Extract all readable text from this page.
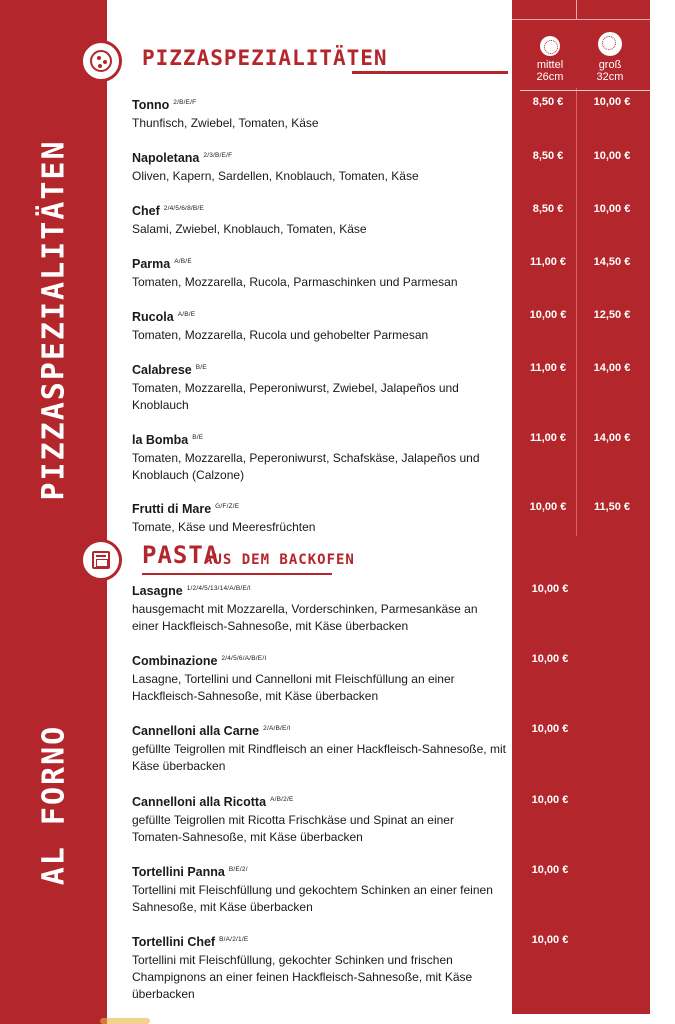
PIZZASPEZIALITÄTEN
AL FORNO
mittel
26cm
groß
32cm
PIZZASPEZIALITÄTEN
Tonno $^{2/B/E/F}$
Thunfisch, Zwiebel, Tomaten, Käse
8,50 €	10,00 €
Napoletana $^{2/3/B/E/F}$
Oliven, Kapern, Sardellen, Knoblauch, Tomaten, Käse
8,50 €	10,00 €
Chef $^{2/4/5/6/8/B/E}$
Salami, Zwiebel, Knoblauch, Tomaten, Käse
8,50 €	10,00 €
Parma $^{A/B/E}$
Tomaten, Mozzarella, Rucola, Parmaschinken und Parmesan
11,00 €	14,50 €
Rucola $^{A/B/E}$
Tomaten, Mozzarella, Rucola und gehobelter Parmesan
10,00 €	12,50 €
Calabrese $^{B/E}$
Tomaten, Mozzarella, Peperoniwurst, Zwiebel, Jalapeños und Knoblauch
11,00 €	14,00 €
la Bomba $^{B/E}$
Tomaten, Mozzarella, Peperoniwurst, Schafskäse, Jalapeños und Knoblauch (Calzone)
11,00 €	14,00 €
Frutti di Mare $^{G/F/Z/E}$
Tomate, Käse und Meeresfrüchten
10,00 €	11,50 €
PASTA
AUS DEM BACKOFEN
Lasagne $^{1/2/4/5/13/14/A/B/E/I}$
hausgemacht mit Mozzarella, Vorderschinken, Parmesankäse an einer Hackfleisch-Sahnesoße, mit Käse überbacken
10,00 €
Combinazione $^{2/4/5/6/A/B/E/I}$
Lasagne, Tortellini und Cannelloni mit Fleischfüllung an einer Hackfleisch-Sahnesoße, mit Käse überbacken
10,00 €
Cannelloni alla Carne $^{2/A/B/E/I}$
gefüllte Teigrollen mit Rindfleisch an einer Hackfleisch-Sahnesoße, mit Käse überbacken
10,00 €
Cannelloni alla Ricotta $^{A/B/2/E}$
gefüllte Teigrollen mit Ricotta Frischkäse und Spinat an einer Tomaten-Sahnesoße, mit Käse überbacken
10,00 €
Tortellini Panna $^{B/E/2/}$
Tortellini mit Fleischfüllung und gekochtem Schinken an einer feinen Sahnesoße, mit Käse überbacken
10,00 €
Tortellini Chef $^{B/A/2/1/E}$
Tortellini mit Fleischfüllung, gekochter Schinken und frischen Champignons an einer feinen Hackfleisch-Sahnesoße, mit Käse überbacken
10,00 €
